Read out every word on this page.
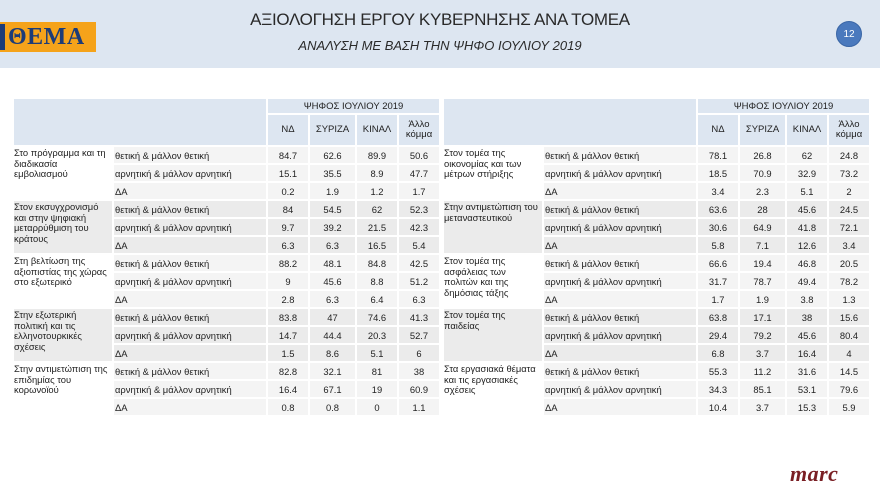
ΘΕΜΑ
ΑΞΙΟΛΟΓΗΣΗ ΕΡΓΟΥ ΚΥΒΕΡΝΗΣΗΣ ΑΝΑ ΤΟΜΕΑ
ΑΝΑΛΥΣΗ ΜΕ ΒΑΣΗ ΤΗΝ ΨΗΦΟ ΙΟΥΛΙΟΥ 2019
12
		ΨΗΦΟΣ ΙΟΥΛΙΟΥ 2019			
		ΝΔ	ΣΥΡΙΖΑ	ΚΙΝΑΛ	Άλλο
κόμμα
Στο πρόγραμμα και τη διαδικασία εμβολιασμού	θετική & μάλλον θετική	84.7	62.6	89.9	50.6
	αρνητική & μάλλον αρνητική	15.1	35.5	8.9	47.7
	ΔΑ	0.2	1.9	1.2	1.7
Στον εκσυγχρονισμό και στην ψηφιακή μεταρρύθμιση του κράτους	θετική & μάλλον θετική	84	54.5	62	52.3
	αρνητική & μάλλον αρνητική	9.7	39.2	21.5	42.3
	ΔΑ	6.3	6.3	16.5	5.4
Στη βελτίωση της αξιοπιστίας της χώρας στο εξωτερικό	θετική & μάλλον θετική	88.2	48.1	84.8	42.5
	αρνητική & μάλλον αρνητική	9	45.6	8.8	51.2
	ΔΑ	2.8	6.3	6.4	6.3
Στην εξωτερική πολιτική και τις ελληνοτουρκικές σχέσεις	θετική & μάλλον θετική	83.8	47	74.6	41.3
	αρνητική & μάλλον αρνητική	14.7	44.4	20.3	52.7
	ΔΑ	1.5	8.6	5.1	6
Στην αντιμετώπιση της επιδημίας του κορωνοϊού	θετική & μάλλον θετική	82.8	32.1	81	38
	αρνητική & μάλλον αρνητική	16.4	67.1	19	60.9
	ΔΑ	0.8	0.8	0	1.1
		ΨΗΦΟΣ ΙΟΥΛΙΟΥ 2019			
		ΝΔ	ΣΥΡΙΖΑ	ΚΙΝΑΛ	Άλλο
κόμμα
Στον τομέα της οικονομίας και των μέτρων στήριξης	θετική & μάλλον θετική	78.1	26.8	62	24.8
	αρνητική & μάλλον αρνητική	18.5	70.9	32.9	73.2
	ΔΑ	3.4	2.3	5.1	2
Στην αντιμετώπιση του μεταναστευτικού	θετική & μάλλον θετική	63.6	28	45.6	24.5
	αρνητική & μάλλον αρνητική	30.6	64.9	41.8	72.1
	ΔΑ	5.8	7.1	12.6	3.4
Στον τομέα της ασφάλειας των πολιτών και της δημόσιας τάξης	θετική & μάλλον θετική	66.6	19.4	46.8	20.5
	αρνητική & μάλλον αρνητική	31.7	78.7	49.4	78.2
	ΔΑ	1.7	1.9	3.8	1.3
Στον τομέα της παιδείας	θετική & μάλλον θετική	63.8	17.1	38	15.6
	αρνητική & μάλλον αρνητική	29.4	79.2	45.6	80.4
	ΔΑ	6.8	3.7	16.4	4
Στα εργασιακά θέματα και τις εργασιακές σχέσεις	θετική & μάλλον θετική	55.3	11.2	31.6	14.5
	αρνητική & μάλλον αρνητική	34.3	85.1	53.1	79.6
	ΔΑ	10.4	3.7	15.3	5.9
marc
